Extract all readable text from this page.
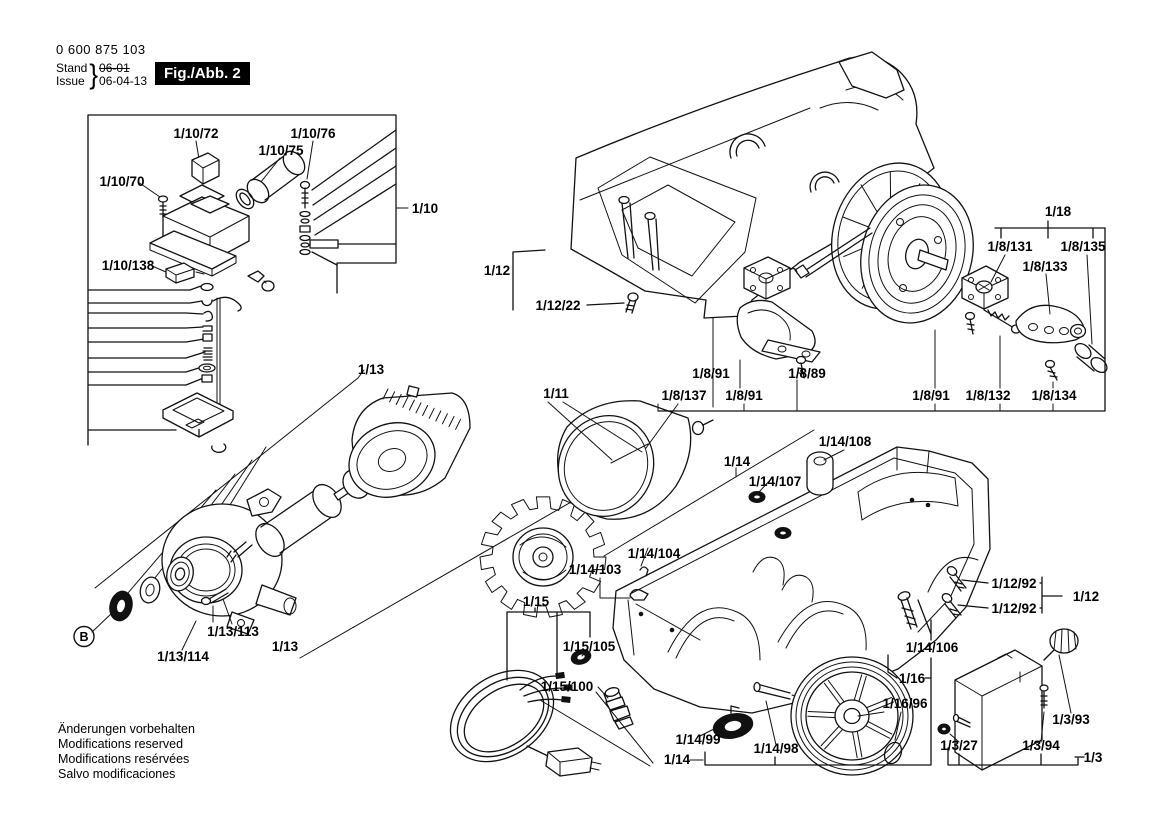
0 600 875 103
Stand
Issue } 06-01
06-04-13	Fig./Abb. 2
Änderungen vorbehalten
Modifications reserved
Modifications resérvées
Salvo modificaciones
1/10/72	1/10/76
1/10/75
1/10/70
1/10/138
1/10
1/12
1/12/22
1/18
1/8/131 1/8/135
1/8/133
1/8/91	1/8/89
1/8/137 1/8/91	1/8/91 1/8/132 1/8/134
1/13
1/11
1/14/108
1/14
1/14/107
1/14/104
1/14/103
1/12/92
1/12/92
1/12
1/15
1/13/113
1/13/114
1/13	1/15/105
1/15/100
1/14/106
1/16
1/16/96
1/14/99
1/14/98
1/14
1/3/93
1/3/27	1/3/94
1/3
B
